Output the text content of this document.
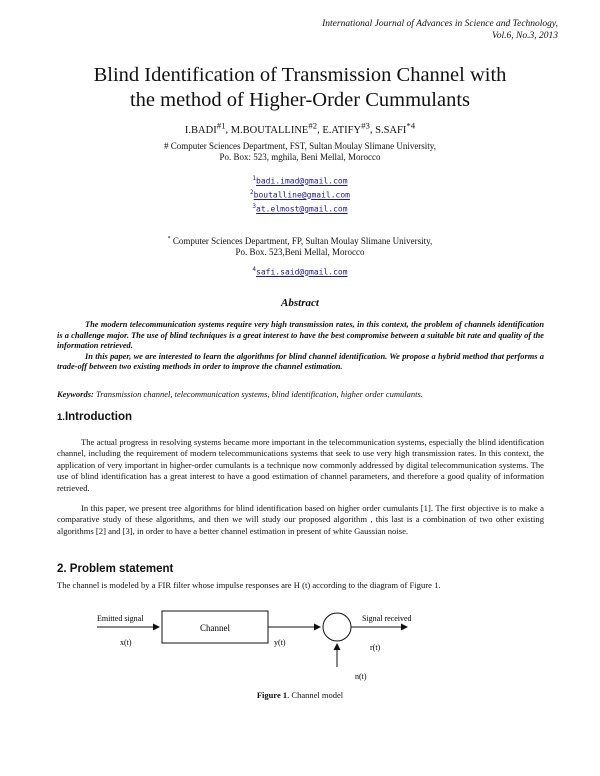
International Journal of Advances in Science and Technology,
Vol.6, No.3, 2013
Blind Identification of Transmission Channel with
the method of Higher-Order Cummulants
I.BADI$^{\#1}$, M.BOUTALLINE$^{\#2}$, E.ATIFY$^{\#3}$, S.SAFI$^{*4}$
# Computer Sciences Department, FST, Sultan Moulay Slimane University,
Po. Box: 523, mghila, Beni Mellal, Morocco
$^1$badi.imad@gmail.com
$^2$boutalline@gmail.com
$^3$at.elmost@gmail.com
* Computer Sciences Department, FP, Sultan Moulay Slimane University,
Po. Box. 523,Beni Mellal, Morocco
$^4$safi.said@gmail.com
Abstract

The modern telecommunication systems require very high transmission rates, in this context, the problem of channels identification is a challenge major. The use of blind techniques is a great interest to have the best compromise between a suitable bit rate and quality of the information retrieved.

In this paper, we are interested to learn the algorithms for blind channel identification. We propose a hybrid method that performs a trade-off between two existing methods in order to improve the channel estimation.

Keywords: Transmission channel, telecommunication systems, blind identification, higher order cumulants.
1.Introduction

The actual progress in resolving systems became more important in the telecommunication systems, especially the blind identification channel, including the requirement of modern telecommunications systems that seek to use very high transmission rates. In this context, the application of very important in higher-order cumulants is a technique now commonly addressed by digital telecommunication systems. The use of blind identification has a great interest to have a good estimation of channel parameters, and therefore a good quality of information retrieved.

In this paper, we present tree algorithms for blind identification based on higher order cumulants [1]. The first objective is to make a comparative study of these algorithms, and then we will study our proposed algorithm , this last is a combination of two other existing algorithms [2] and [3], in order to have a better channel estimation in present of white Gaussian noise.

2. Problem statement

The channel is modeled by a FIR filter whose impulse responses are H (t) according to the diagram of Figure 1.

Emitted signal
x(t)
Channel
y(t)
Signal received
r(t)
n(t)
Figure 1. Channel model
